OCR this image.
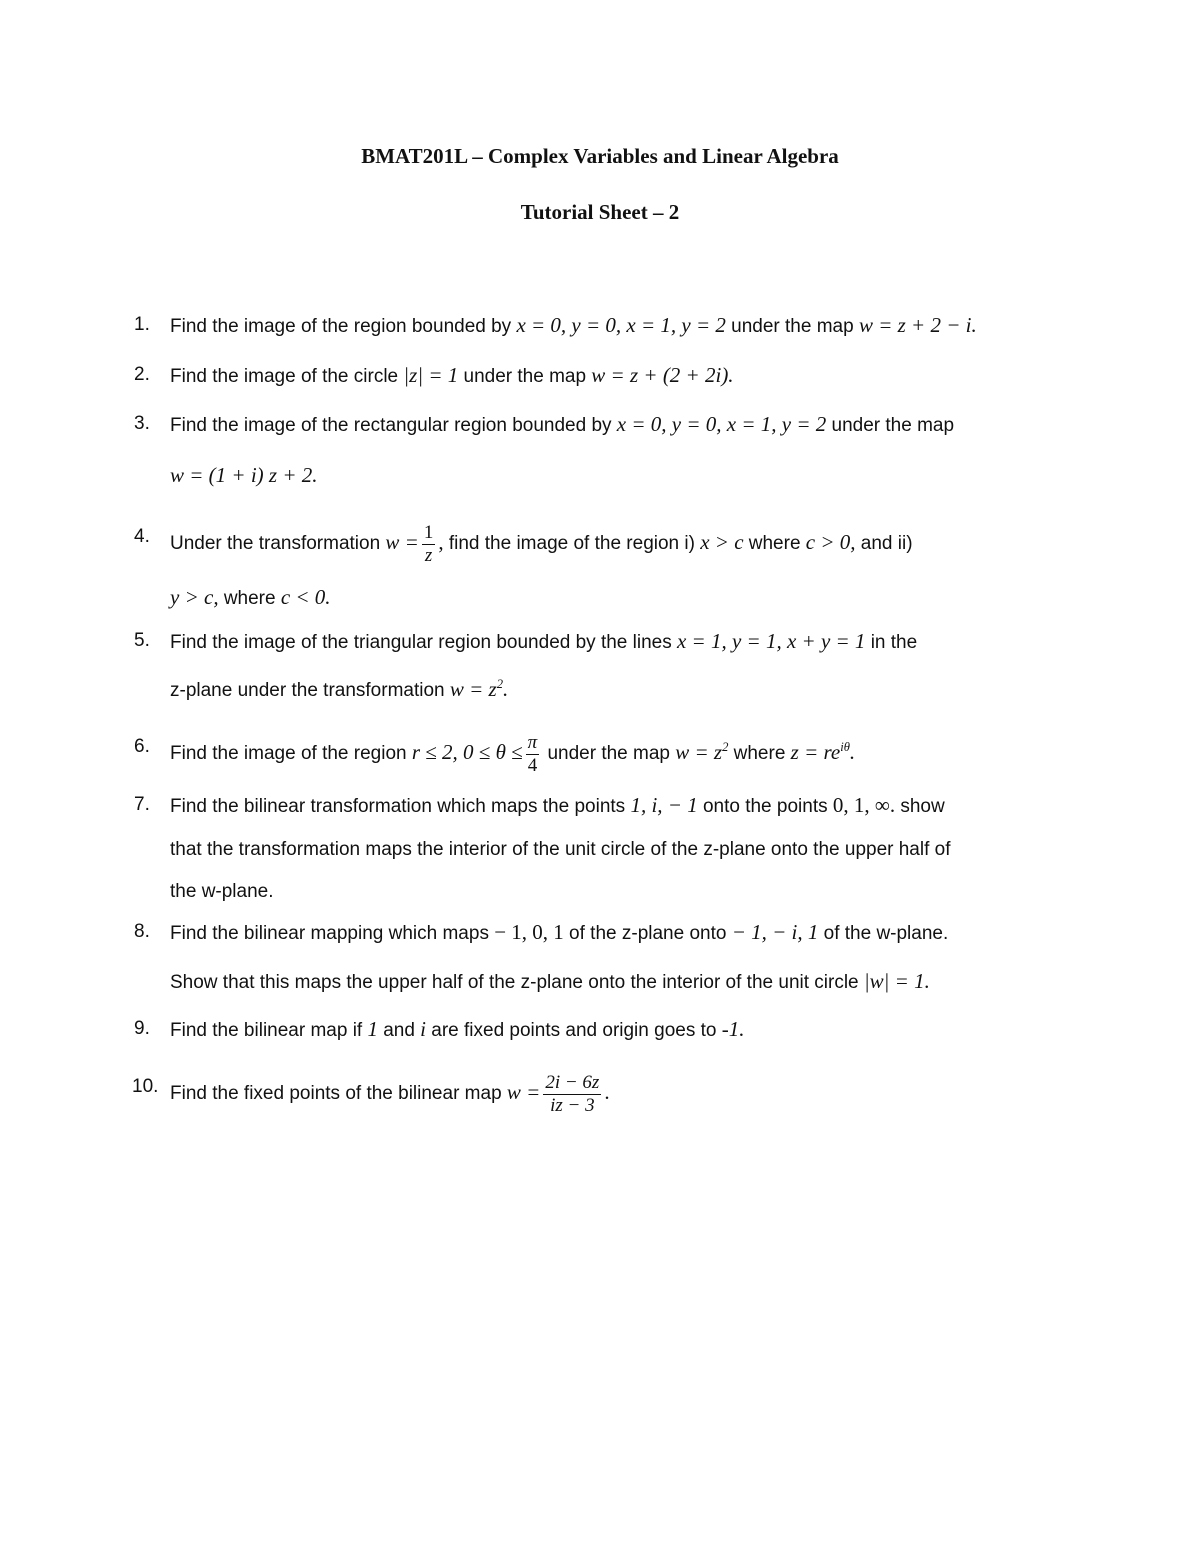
BMAT201L – Complex Variables and Linear Algebra
Tutorial Sheet – 2
1. Find the image of the region bounded by x = 0, y = 0, x = 1, y = 2 under the map w = z + 2 − i.
2. Find the image of the circle |z| = 1 under the map w = z + (2 + 2i).
3. Find the image of the rectangular region bounded by x = 0, y = 0, x = 1, y = 2 under the map
w = (1 + i) z + 2.
4. Under the transformation $w = \frac{1}{z}$ , find the image of the region i) x > c where c > 0, and ii)
y > c, where c < 0.
5. Find the image of the triangular region bounded by the lines x = 1, y = 1, x + y = 1 in the
z-plane under the transformation $w = z^2$.
6. Find the image of the region r ≤ 2, $0 \le \theta \le \frac{\pi}{4}$ under the map $w = z^2$ where $z = re^{i\theta}$.
7. Find the bilinear transformation which maps the points 1, i, − 1 onto the points 0, 1, ∞. show
that the transformation maps the interior of the unit circle of the z-plane onto the upper half of
the w-plane.
8. Find the bilinear mapping which maps − 1, 0, 1 of the z-plane onto − 1, − i, 1 of the w-plane.
Show that this maps the upper half of the z-plane onto the interior of the unit circle |w| = 1.
9. Find the bilinear map if 1 and i are fixed points and origin goes to -1.
10. Find the fixed points of the bilinear map $w = \frac{2i - 6z}{iz - 3}$ .
